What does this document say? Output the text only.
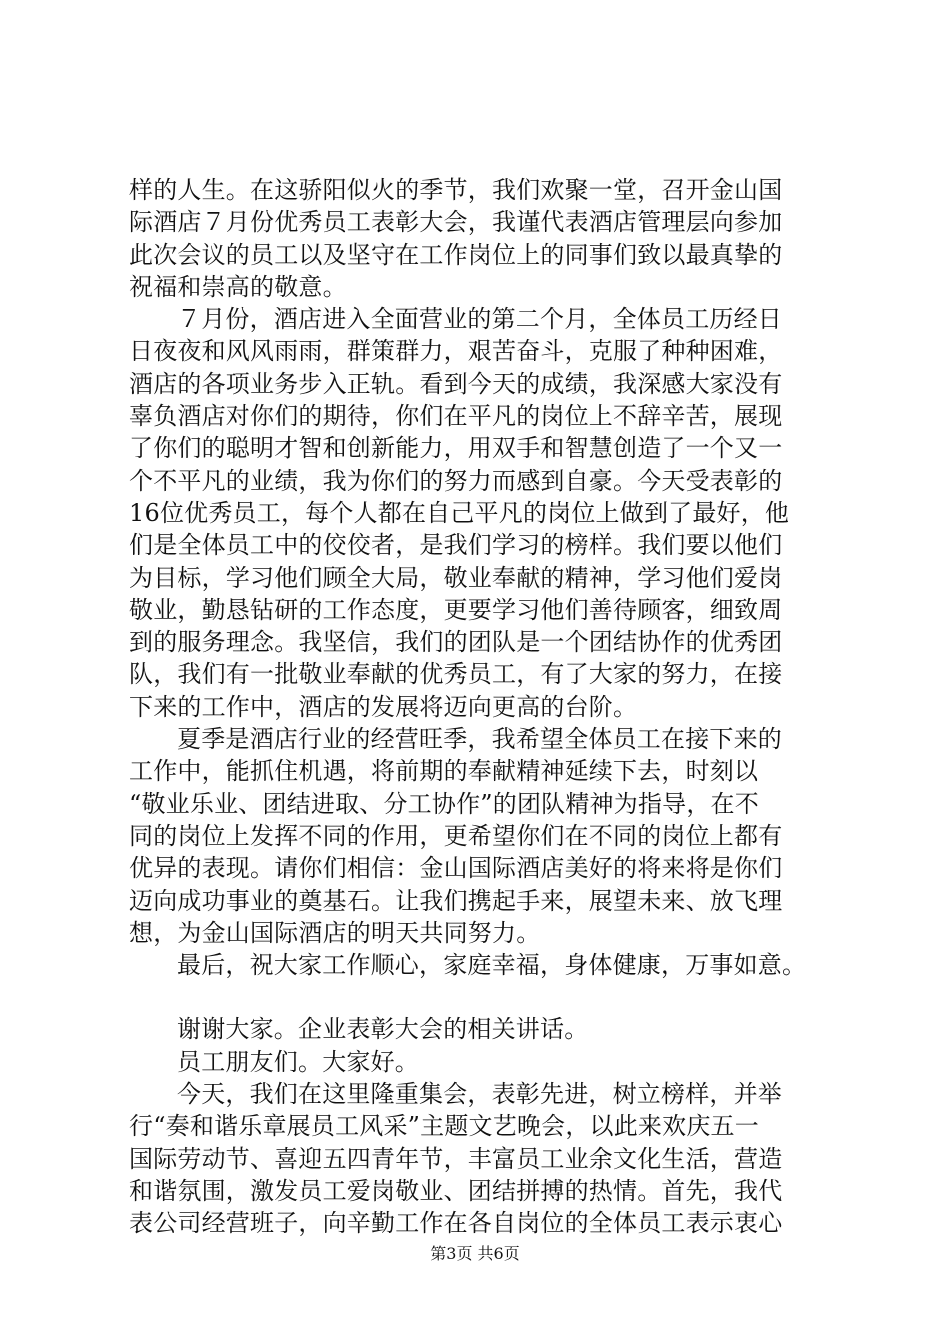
样的人生。在这骄阳似火的季节，我们欢聚一堂，召开金山国
际酒店７月份优秀员工表彰大会，我谨代表酒店管理层向参加
此次会议的员工以及坚守在工作岗位上的同事们致以最真挚的
祝福和崇高的敬意。
７月份，酒店进入全面营业的第二个月，全体员工历经日
日夜夜和风风雨雨，群策群力，艰苦奋斗，克服了种种困难，
酒店的各项业务步入正轨。看到今天的成绩，我深感大家没有
辜负酒店对你们的期待，你们在平凡的岗位上不辞辛苦，展现
了你们的聪明才智和创新能力，用双手和智慧创造了一个又一
个不平凡的业绩，我为你们的努力而感到自豪。今天受表彰的
16位优秀员工，每个人都在自己平凡的岗位上做到了最好，他
们是全体员工中的佼佼者，是我们学习的榜样。我们要以他们
为目标，学习他们顾全大局，敬业奉献的精神，学习他们爱岗
敬业，勤恳钻研的工作态度，更要学习他们善待顾客，细致周
到的服务理念。我坚信，我们的团队是一个团结协作的优秀团
队，我们有一批敬业奉献的优秀员工，有了大家的努力，在接
下来的工作中，酒店的发展将迈向更高的台阶。
夏季是酒店行业的经营旺季，我希望全体员工在接下来的
工作中，能抓住机遇，将前期的奉献精神延续下去，时刻以
“敬业乐业、团结进取、分工协作”的团队精神为指导，在不
同的岗位上发挥不同的作用，更希望你们在不同的岗位上都有
优异的表现。请你们相信：金山国际酒店美好的将来将是你们
迈向成功事业的奠基石。让我们携起手来，展望未来、放飞理
想，为金山国际酒店的明天共同努力。
最后，祝大家工作顺心，家庭幸福，身体健康，万事如意。
谢谢大家。企业表彰大会的相关讲话。
员工朋友们。大家好。
今天，我们在这里隆重集会，表彰先进，树立榜样，并举
行“奏和谐乐章展员工风采”主题文艺晚会，以此来欢庆五一
国际劳动节、喜迎五四青年节，丰富员工业余文化生活，营造
和谐氛围，激发员工爱岗敬业、团结拼搏的热情。首先，我代
表公司经营班子，向辛勤工作在各自岗位的全体员工表示衷心
第3页 共6页
